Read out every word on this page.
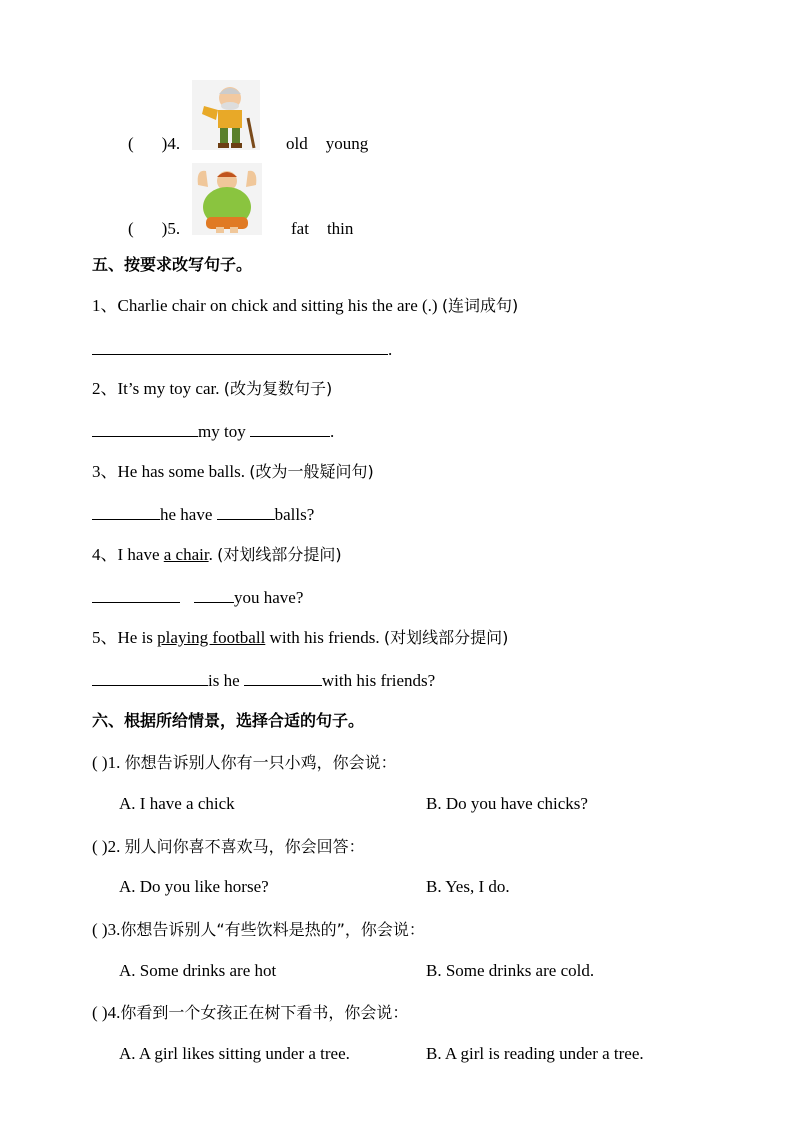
( )4.	old young
( )5.	fat thin
五、按要求改写句子。
1、Charlie chair on chick and sitting his the are (.) (连词成句)
.
2、It’s my toy car. (改为复数句子)
my toy	.
3、He has some balls. (改为一般疑问句)
he have	balls?
4、I have a chair. (对划线部分提问)
you have?
5、He is playing football with his friends. (对划线部分提问)
is he	with his friends?
六、根据所给情景，选择合适的句子。
( )1. 你想告诉别人你有一只小鸡，你会说：
A. I have a chick	B. Do you have chicks?
( )2. 别人问你喜不喜欢马，你会回答：
A. Do you like horse?	B. Yes, I do.
( )3.你想告诉别人“有些饮料是热的”，你会说：
A. Some drinks are hot	B. Some drinks are cold.
( )4.你看到一个女孩正在树下看书，你会说：
A. A girl likes sitting under a tree.	B. A girl is reading under a tree.
